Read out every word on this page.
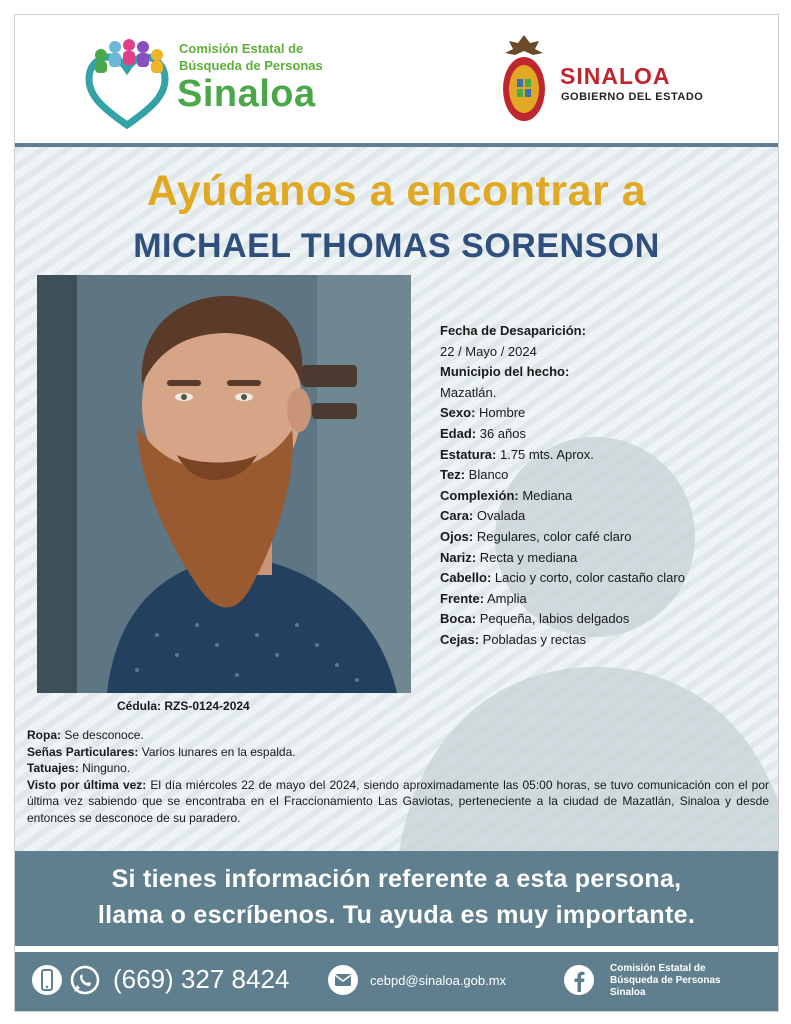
Comisión Estatal de
Búsqueda de Personas
Sinaloa	SINALOA
GOBIERNO DEL ESTADO
Ayúdanos a encontrar a
MICHAEL THOMAS SORENSON
Fecha de Desaparición:
22 / Mayo / 2024
Municipio del hecho:
Mazatlán.
Sexo: Hombre
Edad: 36 años
Estatura: 1.75 mts. Aprox.
Tez: Blanco
Complexión: Mediana
Cara: Ovalada
Ojos: Regulares, color café claro
Nariz: Recta y mediana
Cabello: Lacio y corto, color castaño claro
Frente: Amplia
Boca: Pequeña, labios delgados
Cejas: Pobladas y rectas
Cédula: RZS-0124-2024
Ropa: Se desconoce.
Señas Particulares: Varios lunares en la espalda.
Tatuajes: Ninguno.
Visto por última vez: El día miércoles 22 de mayo del 2024, siendo aproximadamente las 05:00 horas, se tuvo comunicación con el por última vez sabiendo que se encontraba en el Fraccionamiento Las Gaviotas, perteneciente a la ciudad de Mazatlán, Sinaloa y desde entonces se desconoce de su paradero.
Si tienes información referente a esta persona,
llama o escríbenos. Tu ayuda es muy importante.
(669) 327 8424	cebpd@sinaloa.gob.mx
Comisión Estatal de
Búsqueda de Personas
Sinaloa
